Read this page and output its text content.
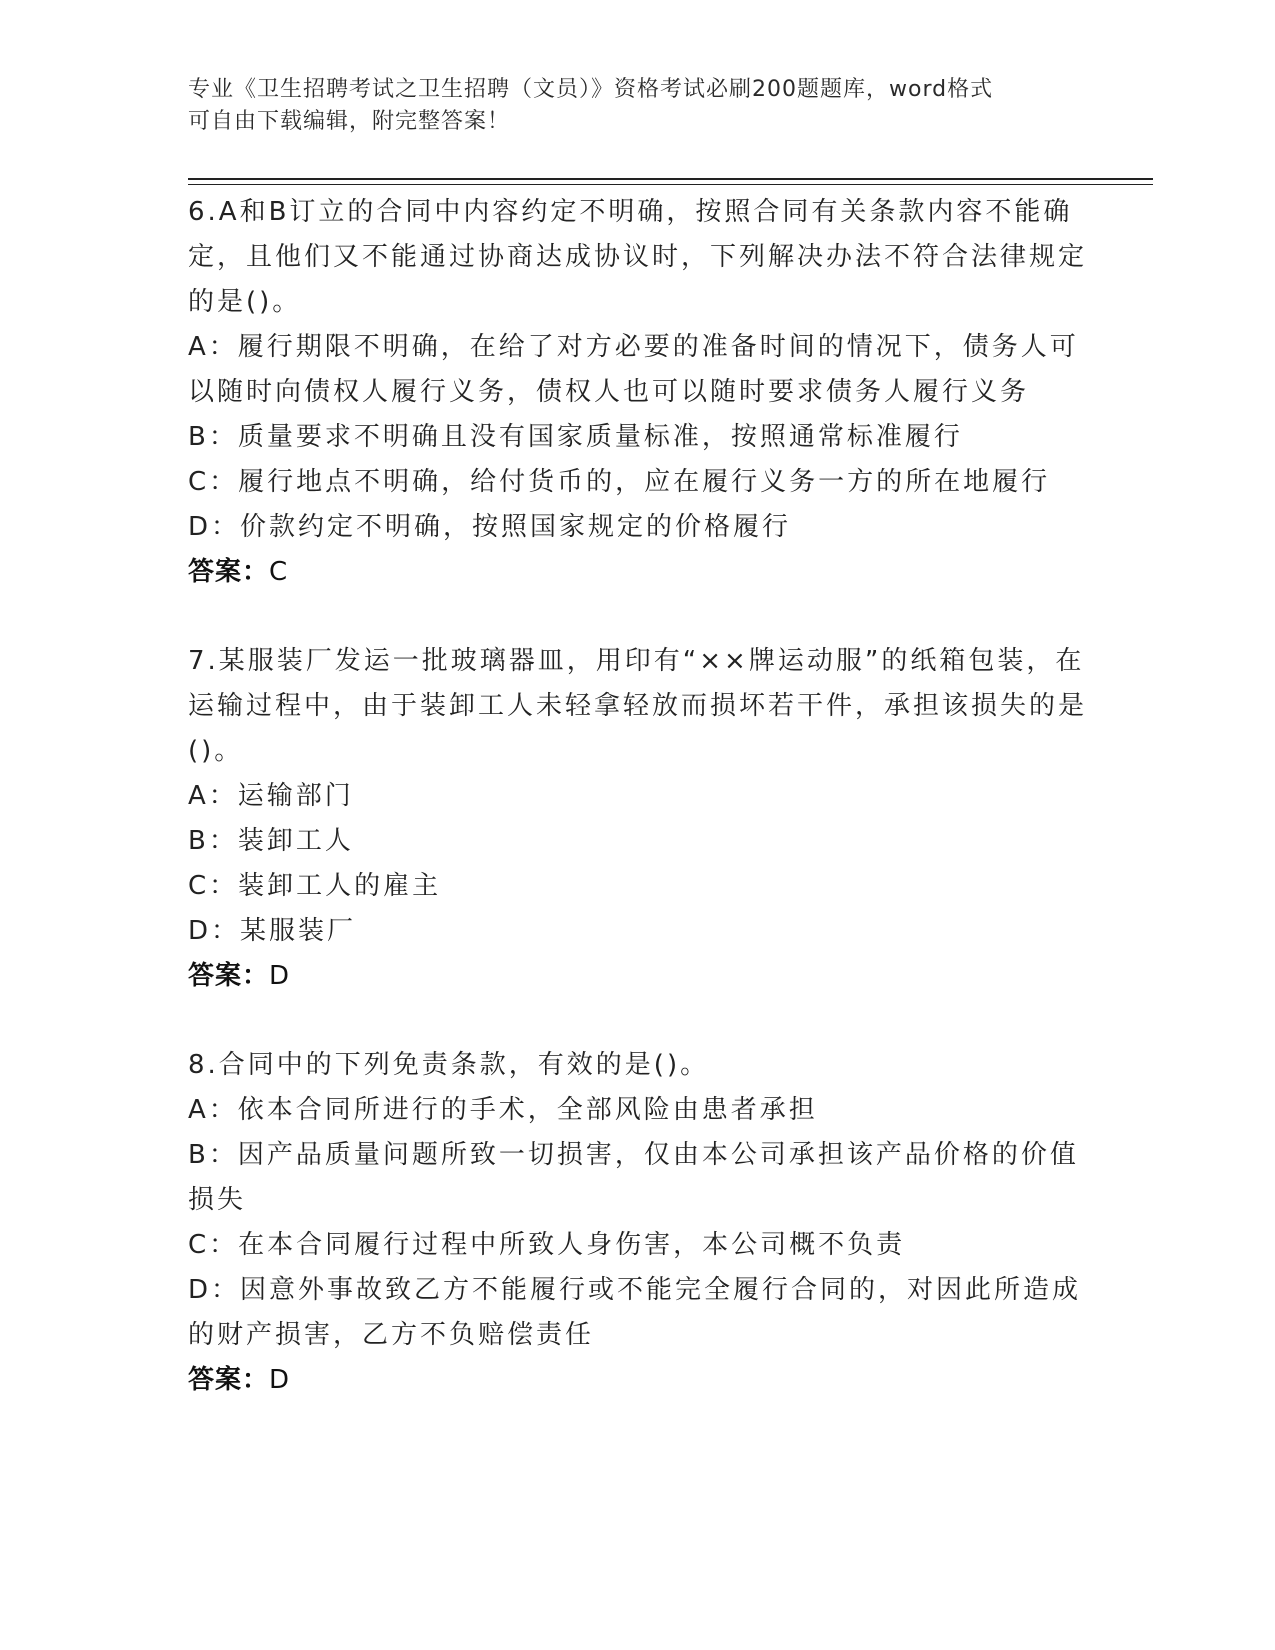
专业《卫生招聘考试之卫生招聘（文员）》资格考试必刷200题题库，word格式
可自由下载编辑，附完整答案！
6.A和B订立的合同中内容约定不明确，按照合同有关条款内容不能确定，且他们又不能通过协商达成协议时，下列解决办法不符合法律规定的是()。
A：履行期限不明确，在给了对方必要的准备时间的情况下，债务人可以随时向债权人履行义务，债权人也可以随时要求债务人履行义务
B：质量要求不明确且没有国家质量标准，按照通常标准履行
C：履行地点不明确，给付货币的，应在履行义务一方的所在地履行
D：价款约定不明确，按照国家规定的价格履行
答案：C
7.某服装厂发运一批玻璃器皿，用印有“××牌运动服”的纸箱包装，在运输过程中，由于装卸工人未轻拿轻放而损坏若干件，承担该损失的是()。
A：运输部门
B：装卸工人
C：装卸工人的雇主
D：某服装厂
答案：D
8.合同中的下列免责条款，有效的是()。
A：依本合同所进行的手术，全部风险由患者承担
B：因产品质量问题所致一切损害，仅由本公司承担该产品价格的价值损失
C：在本合同履行过程中所致人身伤害，本公司概不负责
D：因意外事故致乙方不能履行或不能完全履行合同的，对因此所造成的财产损害，乙方不负赔偿责任
答案：D
